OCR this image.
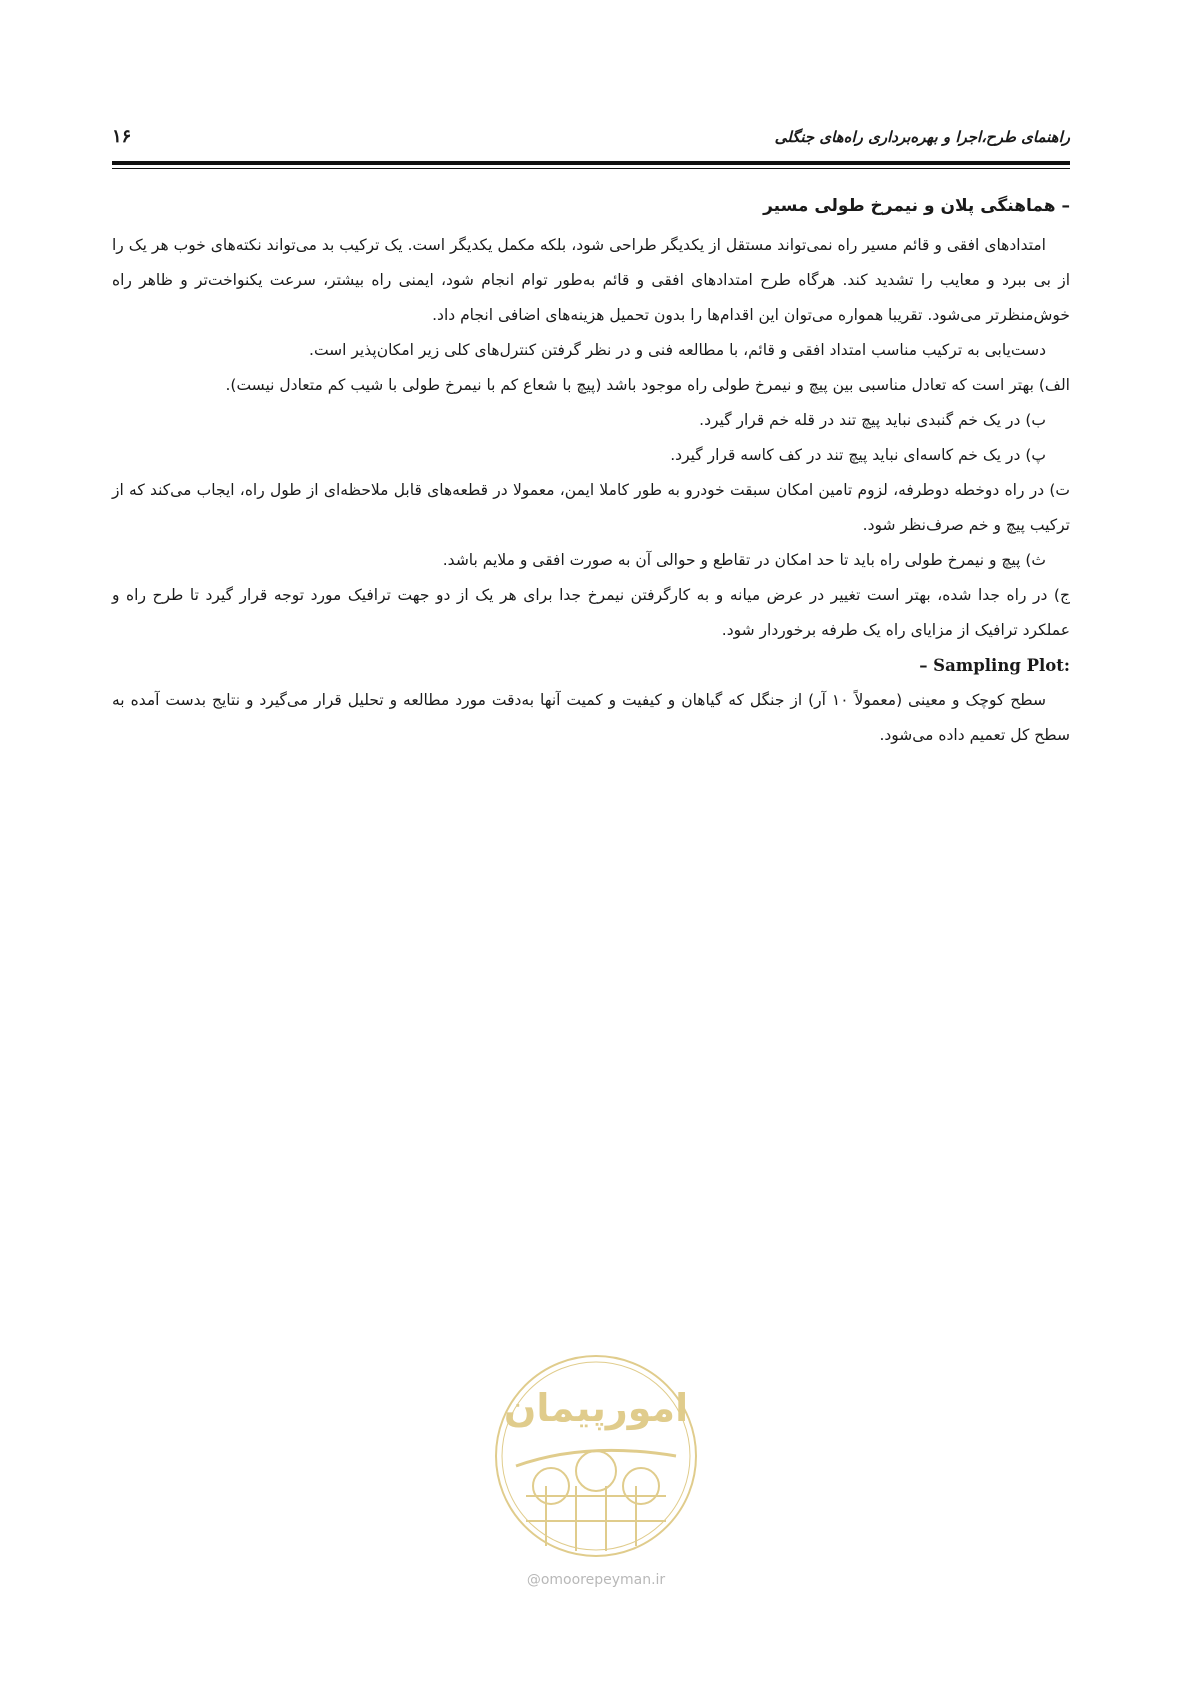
۱۶	راهنمای طرح،اجرا و بهره‌برداری راه‌های جنگلی

– هماهنگی پلان و نیمرخ طولی مسیر

امتدادهای افقی و قائم مسیر راه نمی‌تواند مستقل از یکدیگر طراحی شود، بلکه مکمل یکدیگر است. یک ترکیب بد می‌تواند نکته‌های خوب هر یک را از بی ببرد و معایب را تشدید کند. هرگاه طرح امتدادهای افقی و قائم به‌طور توام انجام شود، ایمنی راه بیشتر، سرعت یکنواخت‌تر و ظاهر راه خوش‌منظرتر می‌شود. تقریبا همواره می‌توان این اقدام‌ها را بدون تحمیل هزینه‌های اضافی انجام داد.

دست‌یابی به ترکیب مناسب امتداد افقی و قائم، با مطالعه فنی و در نظر گرفتن کنترل‌های کلی زیر امکان‌پذیر است.

الف) بهتر است که تعادل مناسبی بین پیچ و نیمرخ طولی راه موجود باشد (پیچ با شعاع کم با نیمرخ طولی با شیب کم متعادل نیست).

ب) در یک خم گنبدی نباید پیچ تند در قله خم قرار گیرد.

پ) در یک خم کاسه‌ای نباید پیچ تند در کف کاسه قرار گیرد.

ت) در راه دوخطه دوطرفه، لزوم تامین امکان سبقت خودرو به طور کاملا ایمن، معمولا در قطعه‌های قابل ملاحظه‌ای از طول راه، ایجاب می‌کند که از ترکیب پیچ و خم صرف‌نظر شود.

ث) پیچ و نیمرخ طولی راه باید تا حد امکان در تقاطع و حوالی آن به صورت افقی و ملایم باشد.

ج) در راه جدا شده، بهتر است تغییر در عرض میانه و به کارگرفتن نیمرخ جدا برای هر یک از دو جهت ترافیک مورد توجه قرار گیرد تا طرح راه و عملکرد ترافیک از مزایای راه یک طرفه برخوردار شود.

– Sampling Plot:

سطح کوچک و معینی (معمولاً ۱۰ آر) از جنگل که گیاهان و کیفیت و کمیت آنها به‌دقت مورد مطالعه و تحلیل قرار می‌گیرد و نتایج بدست آمده به سطح کل تعمیم داده می‌شود.

امورپیمان
@omoorepeyman.ir
